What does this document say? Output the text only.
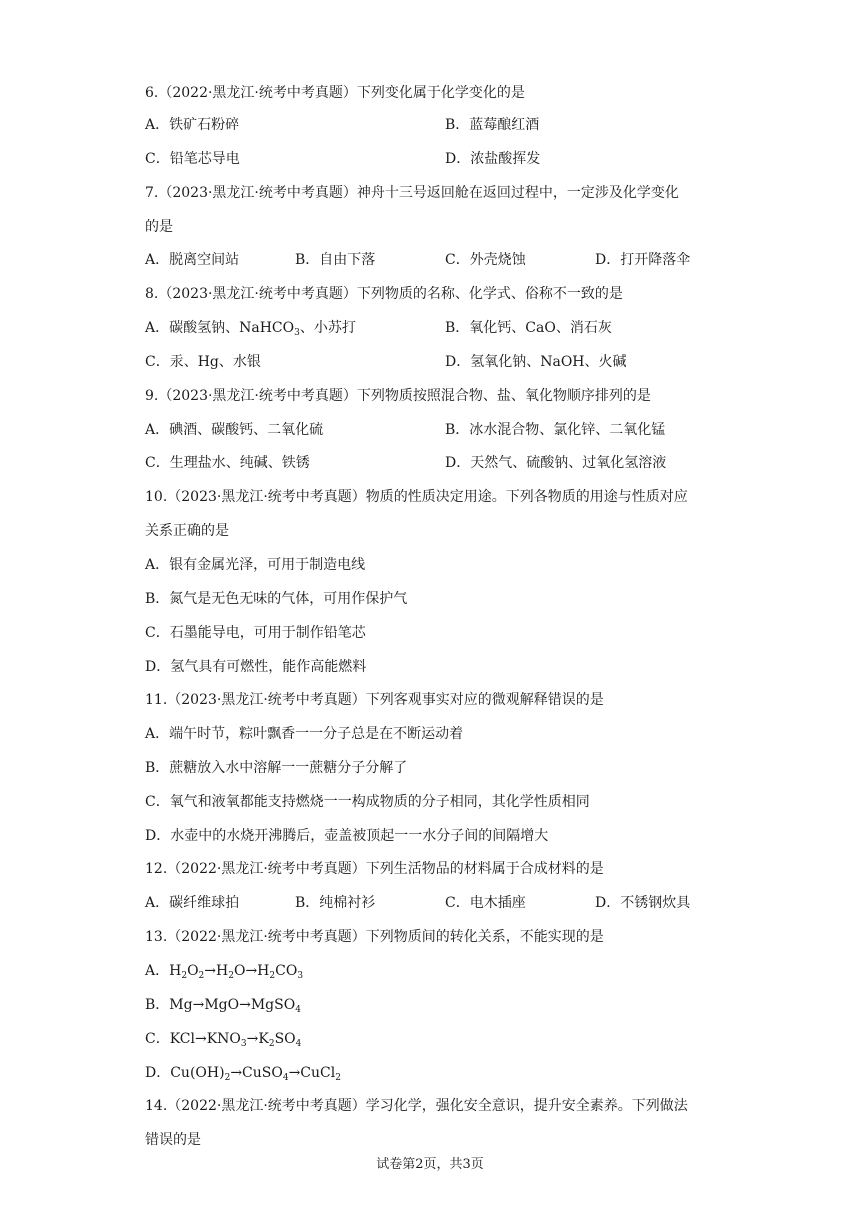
6.（2022·黑龙江·统考中考真题）下列变化属于化学变化的是
A．铁矿石粉碎	B．蓝莓酿红酒
C．铅笔芯导电	D．浓盐酸挥发
7.（2023·黑龙江·统考中考真题）神舟十三号返回舱在返回过程中，一定涉及化学变化
的是
A．脱离空间站	B．自由下落	C．外壳烧蚀	D．打开降落伞
8.（2023·黑龙江·统考中考真题）下列物质的名称、化学式、俗称不一致的是
A．碳酸氢钠、NaHCO$_3$、小苏打	B．氧化钙、CaO、消石灰
C．汞、Hg、水银	D．氢氧化钠、NaOH、火碱
9.（2023·黑龙江·统考中考真题）下列物质按照混合物、盐、氧化物顺序排列的是
A．碘酒、碳酸钙、二氧化硫	B．冰水混合物、氯化锌、二氧化锰
C．生理盐水、纯碱、铁锈	D．天然气、硫酸钠、过氧化氢溶液
10.（2023·黑龙江·统考中考真题）物质的性质决定用途。下列各物质的用途与性质对应
关系正确的是
A．银有金属光泽，可用于制造电线
B．氮气是无色无味的气体，可用作保护气
C．石墨能导电，可用于制作铅笔芯
D．氢气具有可燃性，能作高能燃料
11.（2023·黑龙江·统考中考真题）下列客观事实对应的微观解释错误的是
A．端午时节，粽叶飘香一一分子总是在不断运动着
B．蔗糖放入水中溶解一一蔗糖分子分解了
C．氧气和液氧都能支持燃烧一一构成物质的分子相同，其化学性质相同
D．水壶中的水烧开沸腾后，壶盖被顶起一一水分子间的间隔增大
12.（2022·黑龙江·统考中考真题）下列生活物品的材料属于合成材料的是
A．碳纤维球拍	B．纯棉衬衫	C．电木插座	D．不锈钢炊具
13.（2022·黑龙江·统考中考真题）下列物质间的转化关系，不能实现的是
A．$H_2O_2\to H_2O\to H_2CO_3$
B．Mg→MgO→MgSO$_4$
C．$KCl\to KNO_3\to K_2SO_4$
D．$Cu(OH)_2\to CuSO_4\to CuCl_2$
14.（2022·黑龙江·统考中考真题）学习化学，强化安全意识，提升安全素养。下列做法
错误的是
试卷第2页，共3页
